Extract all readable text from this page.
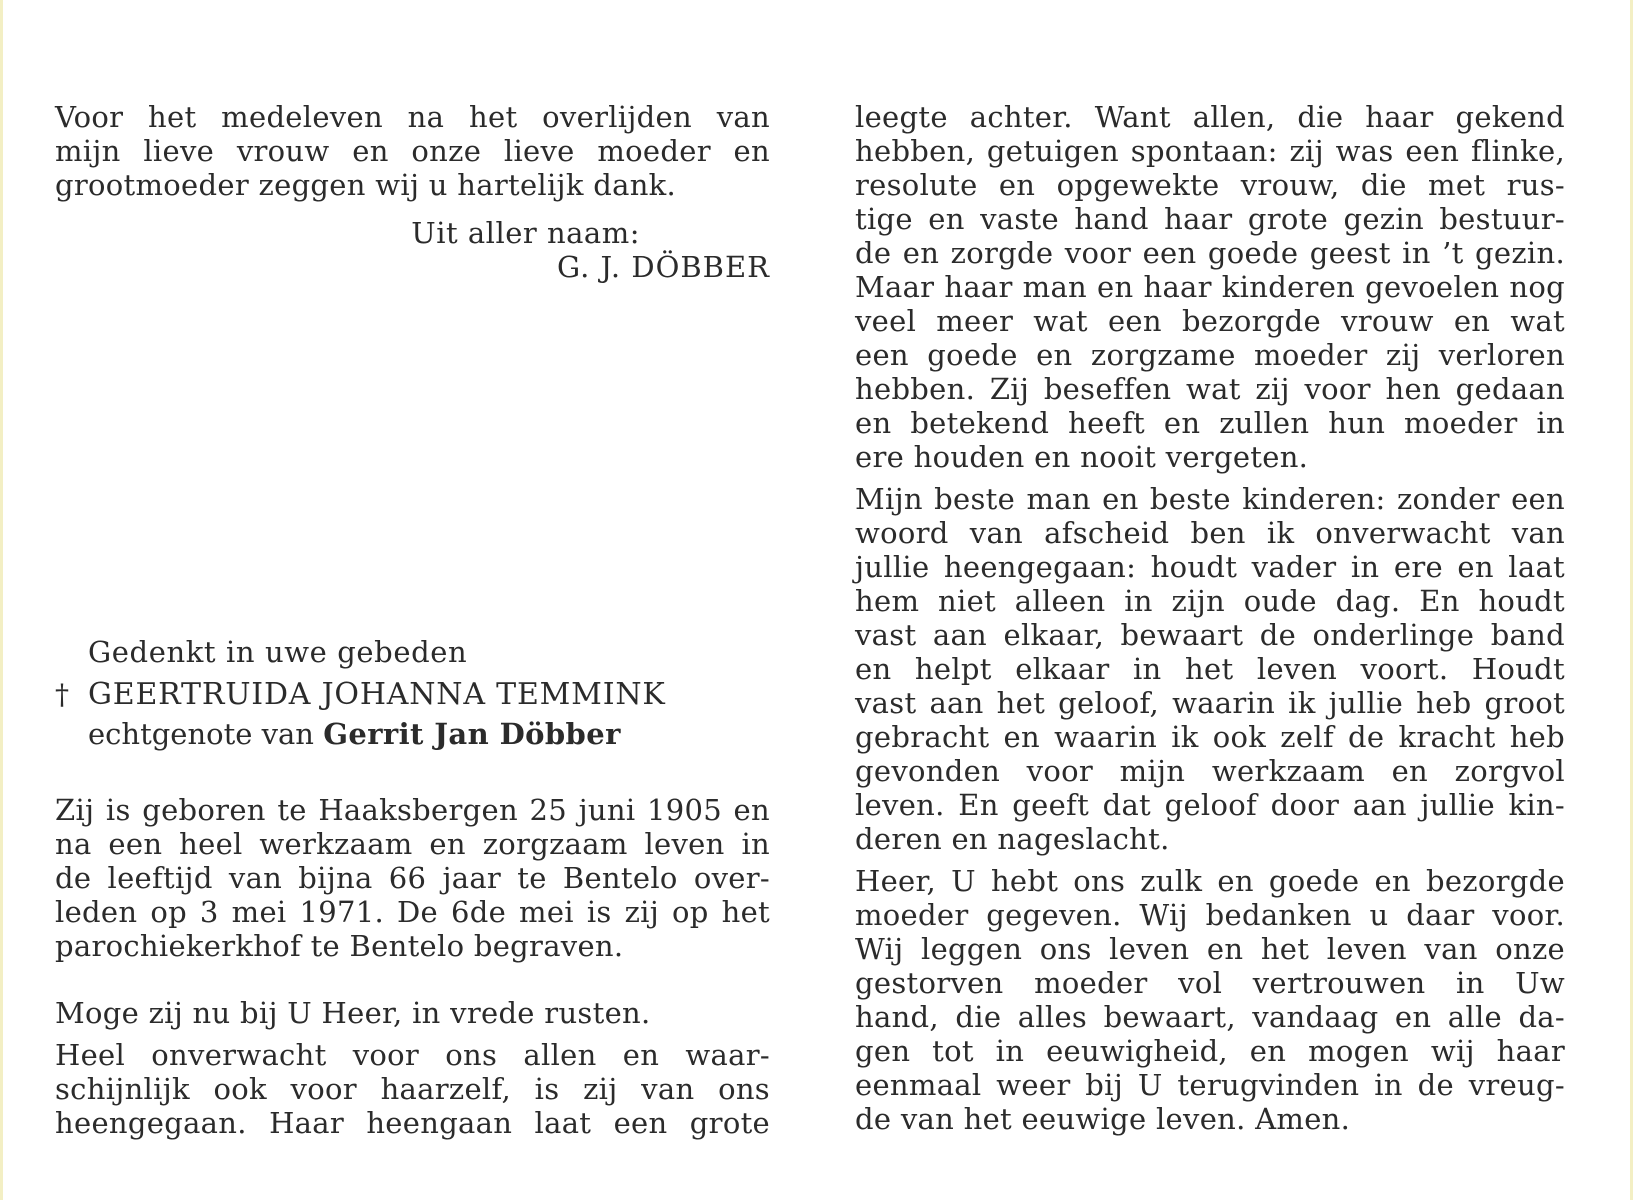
Voor het medeleven na het overlijden van
mijn lieve vrouw en onze lieve moeder en
grootmoeder zeggen wij u hartelijk dank.

Uit aller naam:
G. J. DÖBBER
Gedenkt in uwe gebeden
† GEERTRUIDA JOHANNA TEMMINK
echtgenote van Gerrit Jan Döbber
Zij is geboren te Haaksbergen 25 juni 1905 en
na een heel werkzaam en zorgzaam leven in
de leeftijd van bijna 66 jaar te Bentelo over-
leden op 3 mei 1971. De 6de mei is zij op het
parochiekerkhof te Bentelo begraven.
Moge zij nu bij U Heer, in vrede rusten.
Heel onverwacht voor ons allen en waar-
schijnlijk ook voor haarzelf, is zij van ons
heengegaan. Haar heengaan laat een grote
leegte achter. Want allen, die haar gekend
hebben, getuigen spontaan: zij was een flinke,
resolute en opgewekte vrouw, die met rus-
tige en vaste hand haar grote gezin bestuur-
de en zorgde voor een goede geest in ’t gezin.
Maar haar man en haar kinderen gevoelen nog
veel meer wat een bezorgde vrouw en wat
een goede en zorgzame moeder zij verloren
hebben. Zij beseffen wat zij voor hen gedaan
en betekend heeft en zullen hun moeder in
ere houden en nooit vergeten.
Mijn beste man en beste kinderen: zonder een
woord van afscheid ben ik onverwacht van
jullie heengegaan: houdt vader in ere en laat
hem niet alleen in zijn oude dag. En houdt
vast aan elkaar, bewaart de onderlinge band
en helpt elkaar in het leven voort. Houdt
vast aan het geloof, waarin ik jullie heb groot
gebracht en waarin ik ook zelf de kracht heb
gevonden voor mijn werkzaam en zorgvol
leven. En geeft dat geloof door aan jullie kin-
deren en nageslacht.
Heer, U hebt ons zulk en goede en bezorgde
moeder gegeven. Wij bedanken u daar voor.
Wij leggen ons leven en het leven van onze
gestorven moeder vol vertrouwen in Uw
hand, die alles bewaart, vandaag en alle da-
gen tot in eeuwigheid, en mogen wij haar
eenmaal weer bij U terugvinden in de vreug-
de van het eeuwige leven. Amen.
